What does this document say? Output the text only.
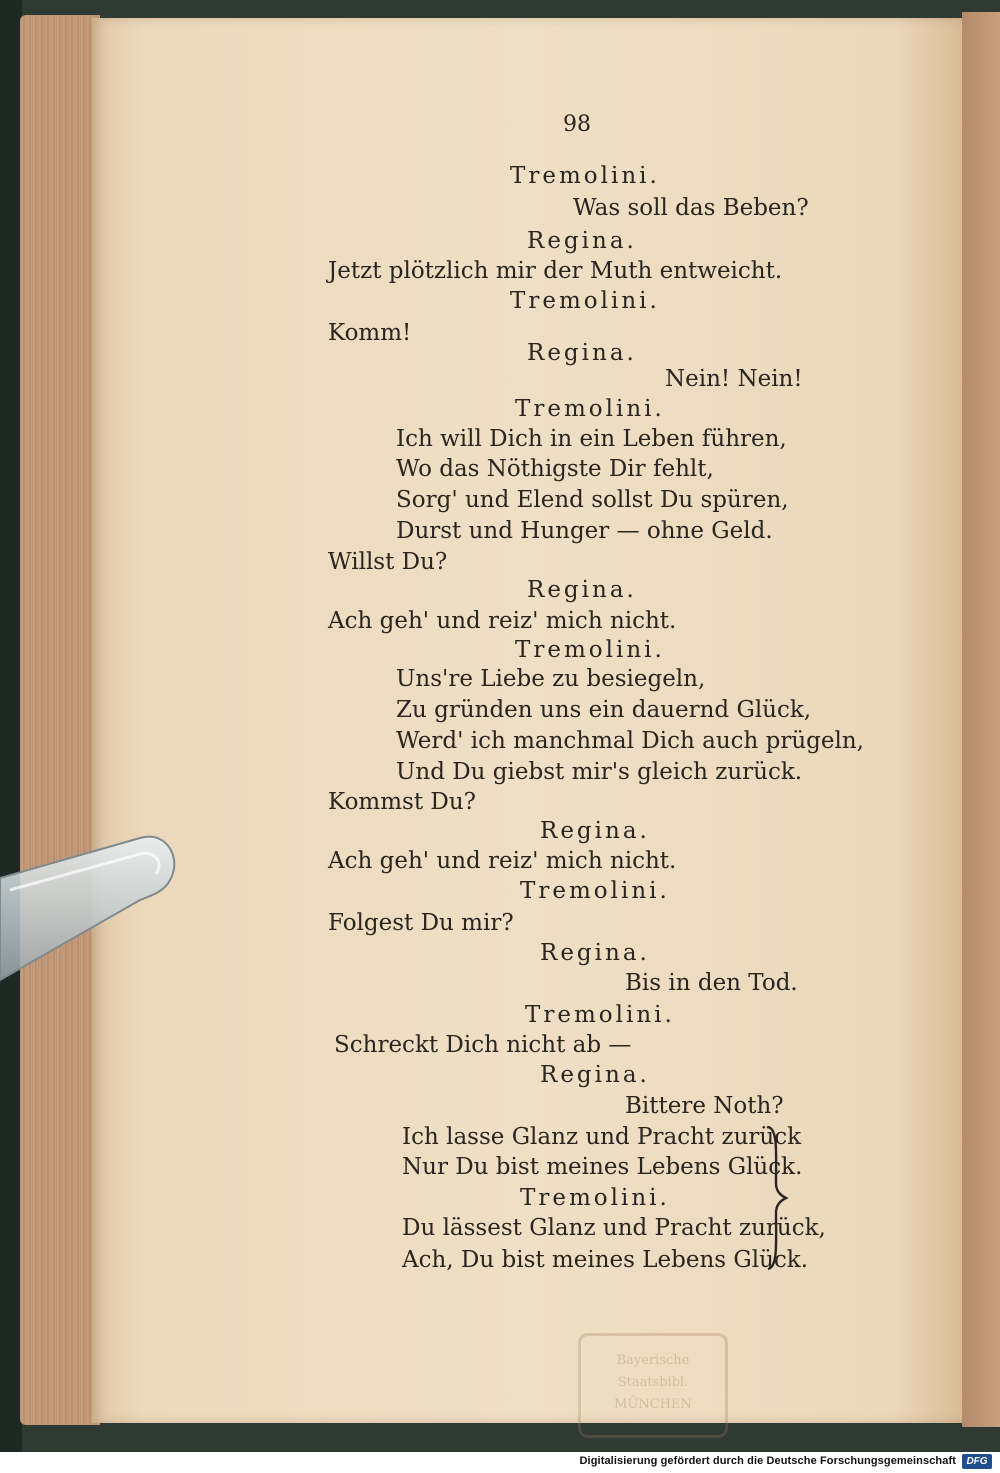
Bayerische
Staatsbibl.
MÜNCHEN
98
Tremolini.
Was soll das Beben?
Regina.
Jetzt plötzlich mir der Muth entweicht.
Tremolini.
Komm!
Regina.
Nein! Nein!
Tremolini.
Ich will Dich in ein Leben führen,
Wo das Nöthigste Dir fehlt,
Sorg' und Elend sollst Du spüren,
Durst und Hunger — ohne Geld.
Willst Du?
Regina.
Ach geh' und reiz' mich nicht.
Tremolini.
Uns're Liebe zu besiegeln,
Zu gründen uns ein dauernd Glück,
Werd' ich manchmal Dich auch prügeln,
Und Du giebst mir's gleich zurück.
Kommst Du?
Regina.
Ach geh' und reiz' mich nicht.
Tremolini.
Folgest Du mir?
Regina.
Bis in den Tod.
Tremolini.
Schreckt Dich nicht ab —
Regina.
Bittere Noth?
Ich lasse Glanz und Pracht zurück
Nur Du bist meines Lebens Glück.
Tremolini.
Du lässest Glanz und Pracht zurück,
Ach, Du bist meines Lebens Glück.
Digitalisierung gefördert durch die Deutsche Forschungsgemeinschaft	DFG
